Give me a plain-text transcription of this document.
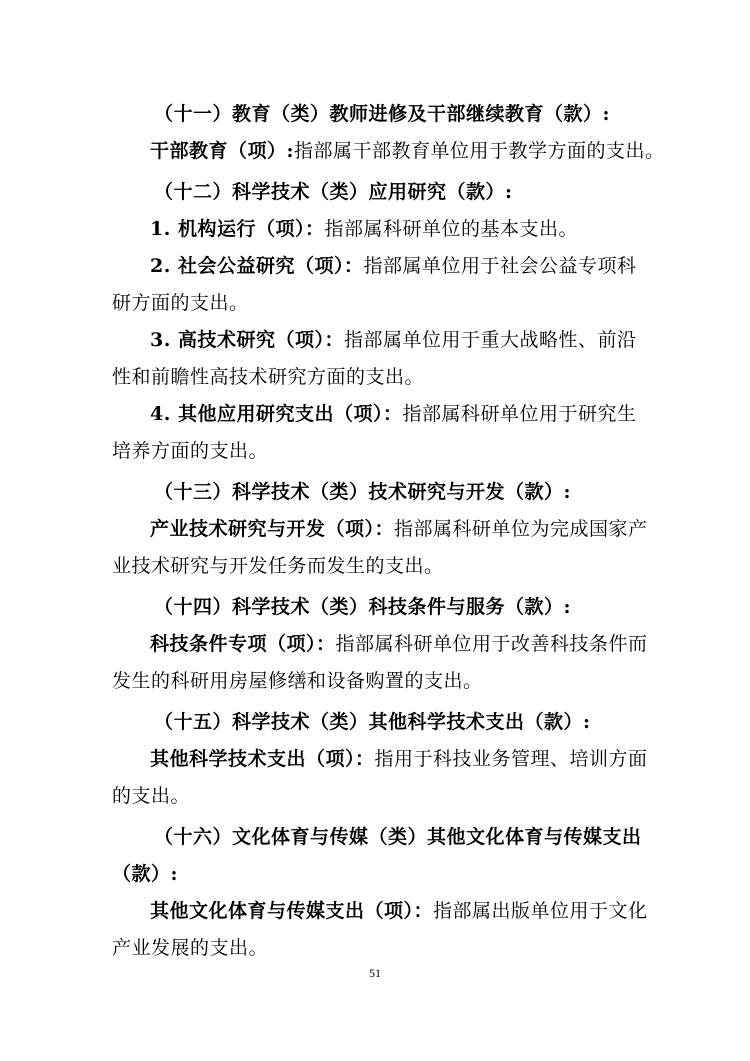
（十一）教育（类）教师进修及干部继续教育（款）:
干部教育（项）:指部属干部教育单位用于教学方面的支出。
（十二）科学技术（类）应用研究（款）:
1. 机构运行（项）：指部属科研单位的基本支出。
2. 社会公益研究（项）：指部属单位用于社会公益专项科
研方面的支出。
3. 高技术研究（项）：指部属单位用于重大战略性、前沿
性和前瞻性高技术研究方面的支出。
4. 其他应用研究支出（项）：指部属科研单位用于研究生
培养方面的支出。
（十三）科学技术（类）技术研究与开发（款）:
产业技术研究与开发（项）：指部属科研单位为完成国家产
业技术研究与开发任务而发生的支出。
（十四）科学技术（类）科技条件与服务（款）:
科技条件专项（项）：指部属科研单位用于改善科技条件而
发生的科研用房屋修缮和设备购置的支出。
（十五）科学技术（类）其他科学技术支出（款）:
其他科学技术支出（项）：指用于科技业务管理、培训方面
的支出。
（十六）文化体育与传媒（类）其他文化体育与传媒支出
（款）:
其他文化体育与传媒支出（项）：指部属出版单位用于文化
产业发展的支出。
51
